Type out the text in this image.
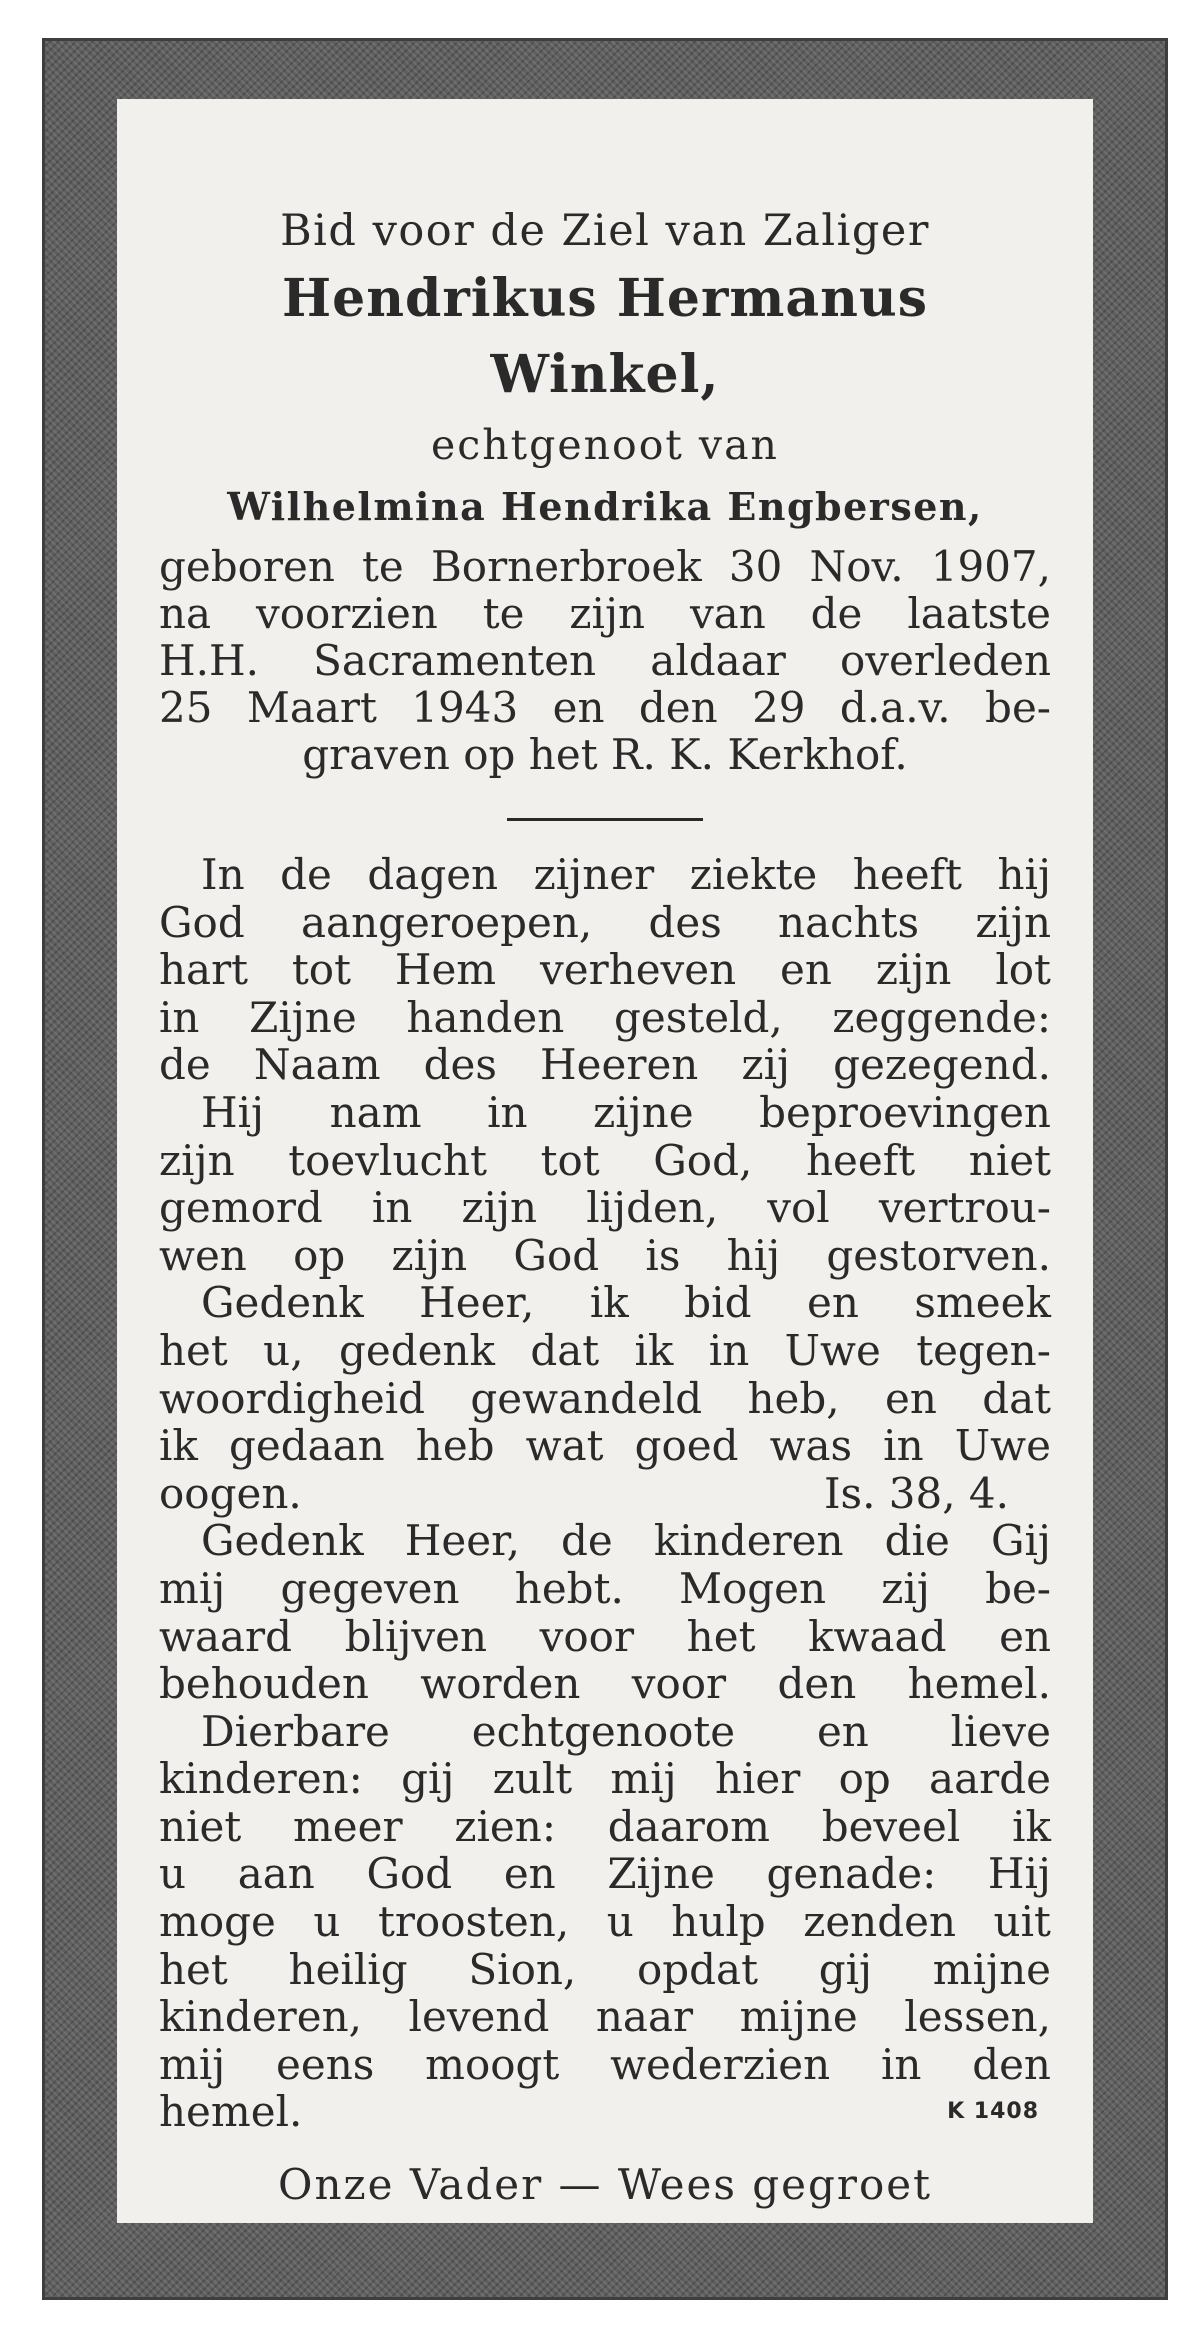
Bid voor de Ziel van Zaliger
Hendrikus Hermanus Winkel,
echtgenoot van
Wilhelmina Hendrika Engbersen,
geboren te Bornerbroek 30 Nov. 1907,
na voorzien te zijn van de laatste
H.H. Sacramenten aldaar overleden
25 Maart 1943 en den 29 d.a.v. be-
graven op het R. K. Kerkhof.
In de dagen zijner ziekte heeft hij
God aangeroepen, des nachts zijn
hart tot Hem verheven en zijn lot
in Zijne handen gesteld, zeggende:
de Naam des Heeren zij gezegend.
Hij nam in zijne beproevingen
zijn toevlucht tot God, heeft niet
gemord in zijn lijden, vol vertrou-
wen op zijn God is hij gestorven.
Gedenk Heer, ik bid en smeek
het u, gedenk dat ik in Uwe tegen-
woordigheid gewandeld heb, en dat
ik gedaan heb wat goed was in Uwe
oogen.	Is. 38, 4.
Gedenk Heer, de kinderen die Gij
mij gegeven hebt. Mogen zij be-
waard blijven voor het kwaad en
behouden worden voor den hemel.
Dierbare echtgenoote en lieve
kinderen: gij zult mij hier op aarde
niet meer zien: daarom beveel ik
u aan God en Zijne genade: Hij
moge u troosten, u hulp zenden uit
het heilig Sion, opdat gij mijne
kinderen, levend naar mijne lessen,
mij eens moogt wederzien in den
hemel.	K 1408
Onze Vader — Wees gegroet
